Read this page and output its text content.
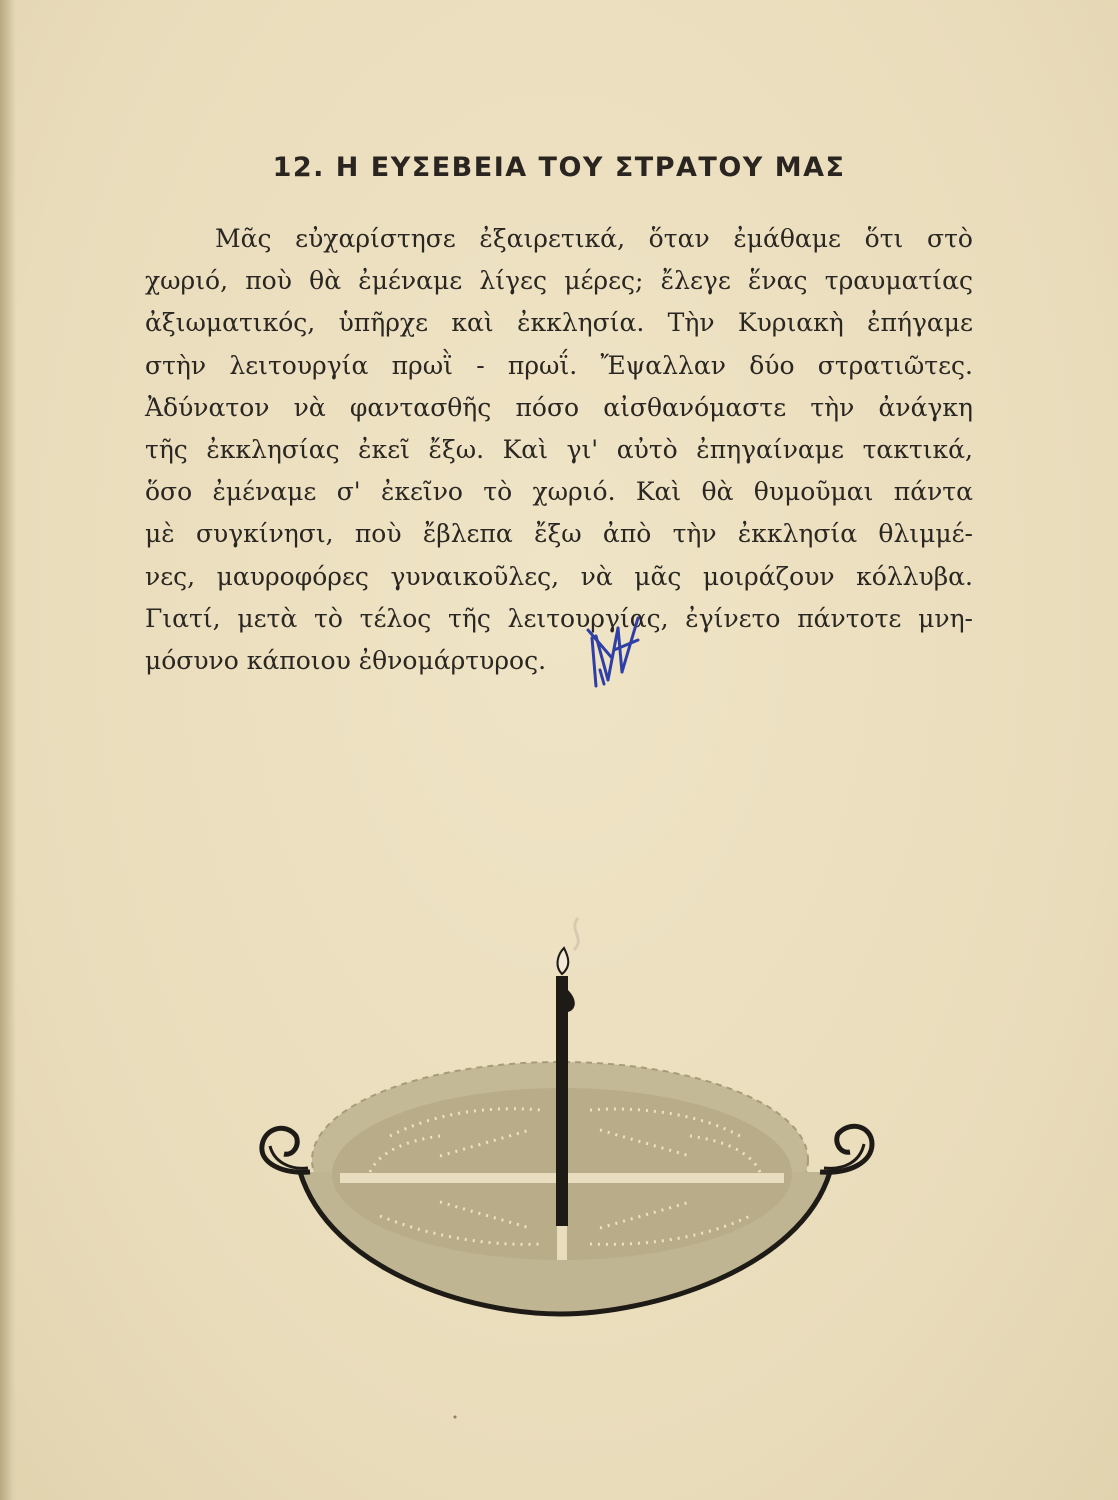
12. Η ΕΥΣΕΒΕΙΑ ΤΟΥ ΣΤΡΑΤΟΥ ΜΑΣ
Μᾶς εὐχαρίστησε ἐξαιρετικά, ὅταν ἐμάθαμε ὅτι στὸ
χωριό, ποὺ θὰ ἐμέναμε λίγες μέρες; ἔλεγε ἕνας τραυματίας
ἀξιωματικός, ὑπῆρχε καὶ ἐκκλησία. Τὴν Κυριακὴ ἐπήγαμε
στὴν λειτουργία πρωῒ - πρωΐ. Ἔψαλλαν δύο στρατιῶτες.
Ἀδύνατον νὰ φαντασθῆς πόσο αἰσθανόμαστε τὴν ἀνάγκη
τῆς ἐκκλησίας ἐκεῖ ἔξω. Καὶ γι' αὐτὸ ἐπηγαίναμε τακτικά,
ὅσο ἐμέναμε σ' ἐκεῖνο τὸ χωριό. Καὶ θὰ θυμοῦμαι πάντα
μὲ συγκίνησι, ποὺ ἔβλεπα ἔξω ἀπὸ τὴν ἐκκλησία θλιμμέ-
νες, μαυροφόρες γυναικοῦλες, νὰ μᾶς μοιράζουν κόλλυβα.
Γιατί, μετὰ τὸ τέλος τῆς λειτουργίας, ἐγίνετο πάντοτε μνη-
μόσυνο κάποιου ἐθνομάρτυρος.
